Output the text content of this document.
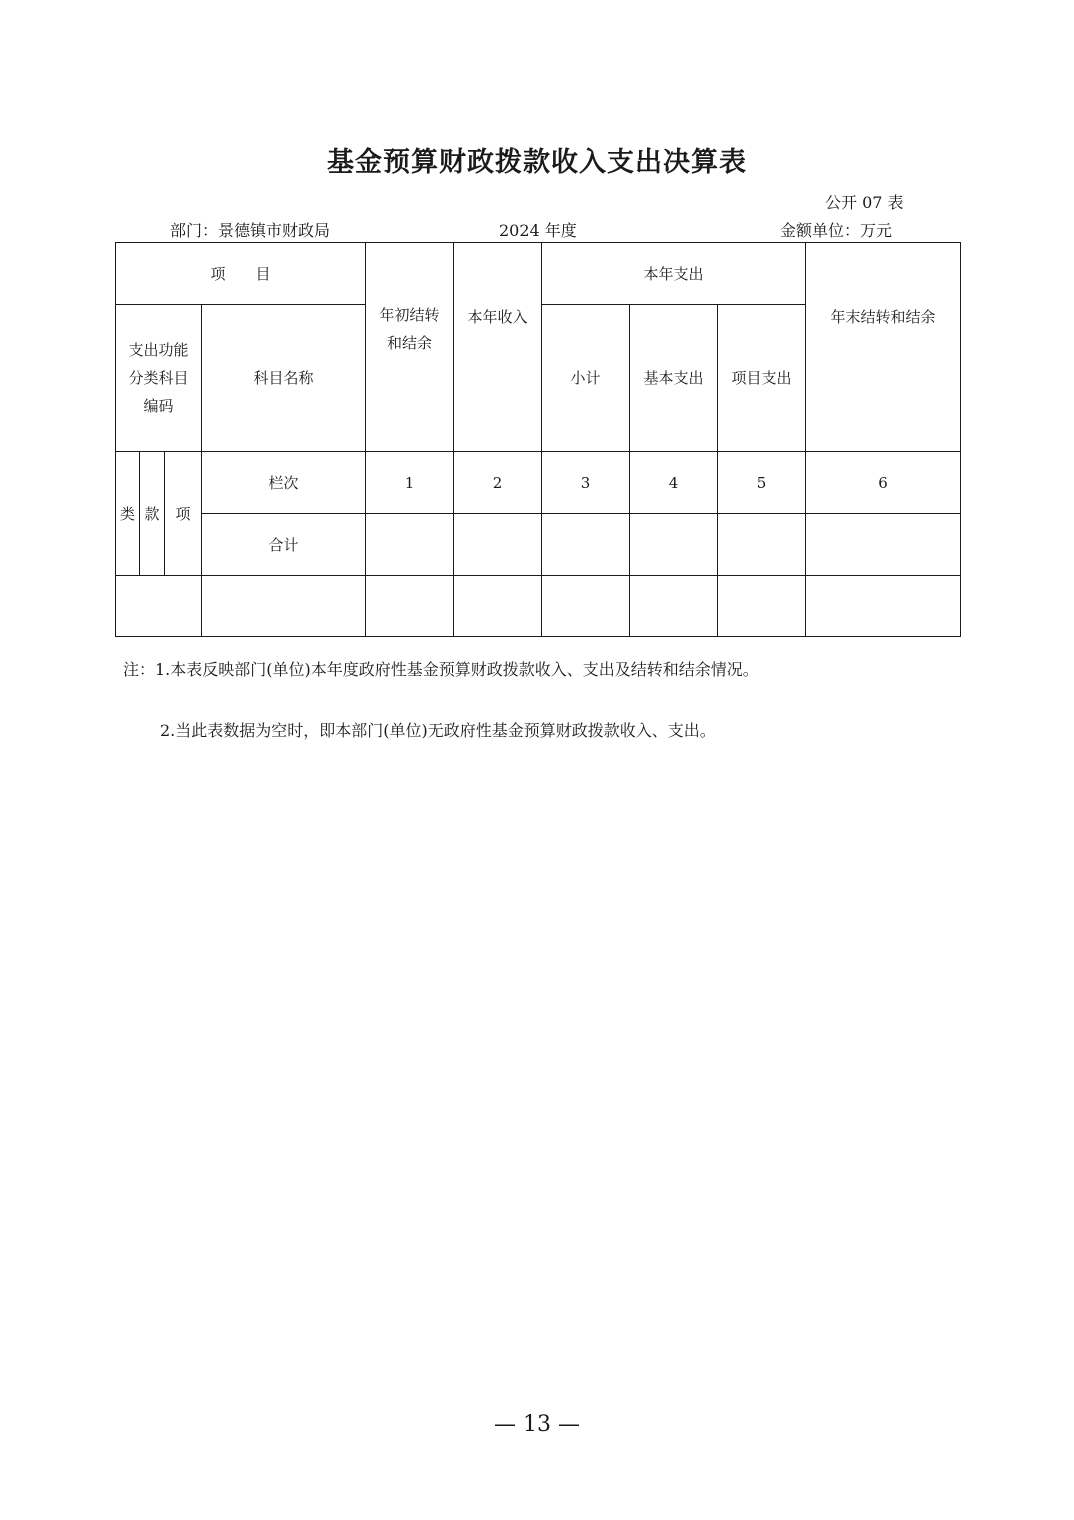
基金预算财政拨款收入支出决算表
公开 07 表
部门：景德镇市财政局	2024 年度	金额单位：万元
项　　目				年初结转和结余	本年收入	本年支出			年末结转和结余
支出功能分类科目编码			科目名称			小计	基本支出	项目支出	
类	款	项	栏次	1	2	3	4	5	6
			合计						

注：1.本表反映部门(单位)本年度政府性基金预算财政拨款收入、支出及结转和结余情况。
2.当此表数据为空时，即本部门(单位)无政府性基金预算财政拨款收入、支出。
— 13 —
